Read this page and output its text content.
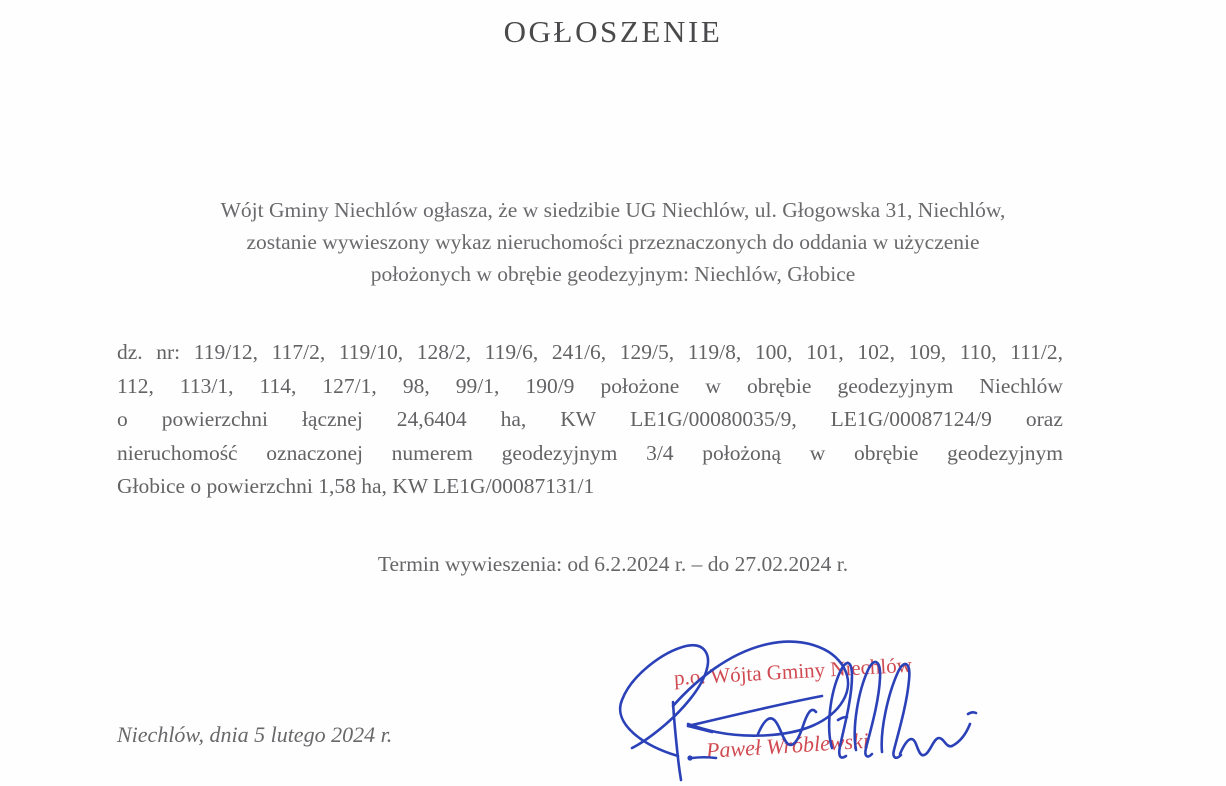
OGŁOSZENIE
Wójt Gminy Niechlów ogłasza, że w siedzibie UG Niechlów, ul. Głogowska 31, Niechlów,
zostanie wywieszony wykaz nieruchomości przeznaczonych do oddania w użyczenie
położonych w obrębie geodezyjnym: Niechlów, Głobice
dz. nr: 119/12, 117/2, 119/10, 128/2, 119/6, 241/6, 129/5, 119/8, 100, 101, 102, 109, 110, 111/2,
112, 113/1, 114, 127/1, 98, 99/1, 190/9 położone w obrębie geodezyjnym Niechlów
o powierzchni łącznej 24,6404 ha, KW LE1G/00080035/9, LE1G/00087124/9 oraz
nieruchomość oznaczonej numerem geodezyjnym 3/4 położoną w obrębie geodezyjnym
Głobice o powierzchni 1,58 ha, KW LE1G/00087131/1
Termin wywieszenia: od 6.2.2024 r. – do 27.02.2024 r.
Niechlów, dnia 5 lutego 2024 r.
p.o. Wójta Gminy Niechlów
Paweł Wróblewski
